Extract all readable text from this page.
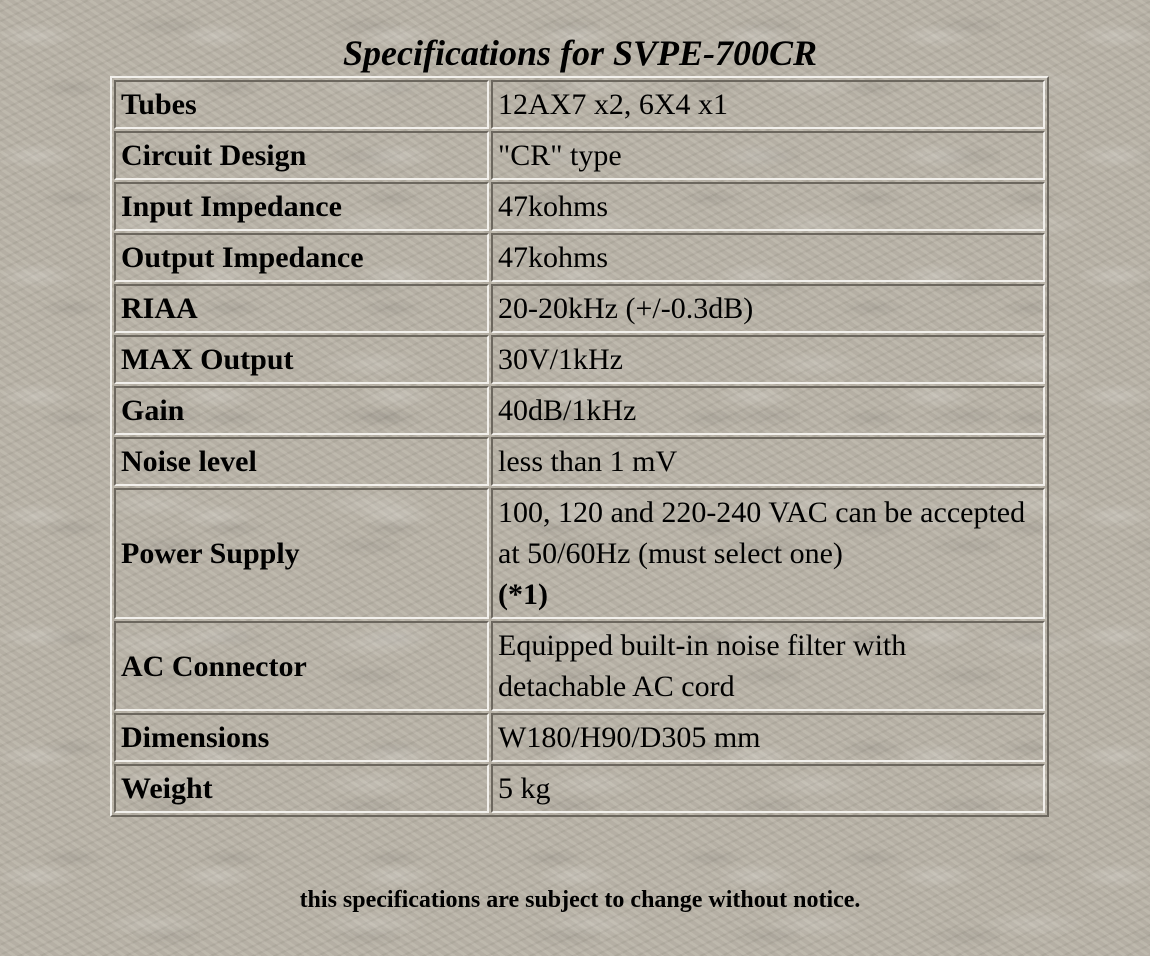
Specifications for SVPE-700CR
Tubes	12AX7 x2, 6X4 x1
Circuit Design	"CR" type
Input Impedance	47kohms
Output Impedance	47kohms
RIAA	20-20kHz (+/-0.3dB)
MAX Output	30V/1kHz
Gain	40dB/1kHz
Noise level	less than 1 mV
Power Supply	100, 120 and 220-240 VAC can be accepted at 50/60Hz (must select one)
(*1)
AC Connector	Equipped built-in noise filter with detachable AC cord
Dimensions	W180/H90/D305 mm
Weight	5 kg

this specifications are subject to change without notice.
